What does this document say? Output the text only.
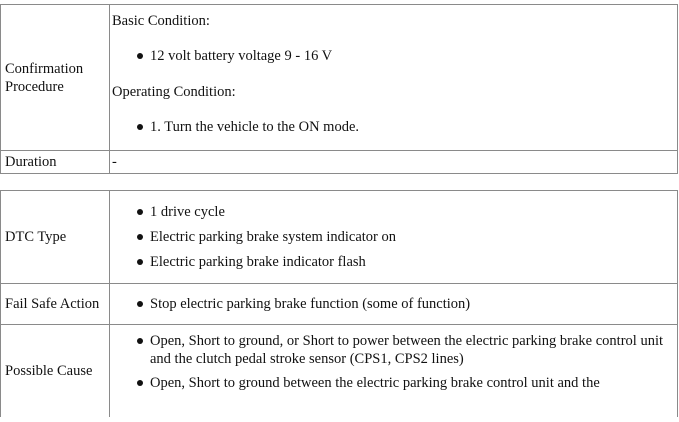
Confirmation Procedure	Basic Condition:

12 volt battery voltage 9 - 16 V

Operating Condition:

1. Turn the vehicle to the ON mode.

Duration	-
DTC Type	1 drive cycle

Electric parking brake system indicator on

Electric parking brake indicator flash

Fail Safe Action	Stop electric parking brake function (some of function)

Possible Cause	Open, Short to ground, or Short to power between the electric parking brake control unit and the clutch pedal stroke sensor (CPS1, CPS2 lines)

Open, Short to ground between the electric parking brake control unit and the
